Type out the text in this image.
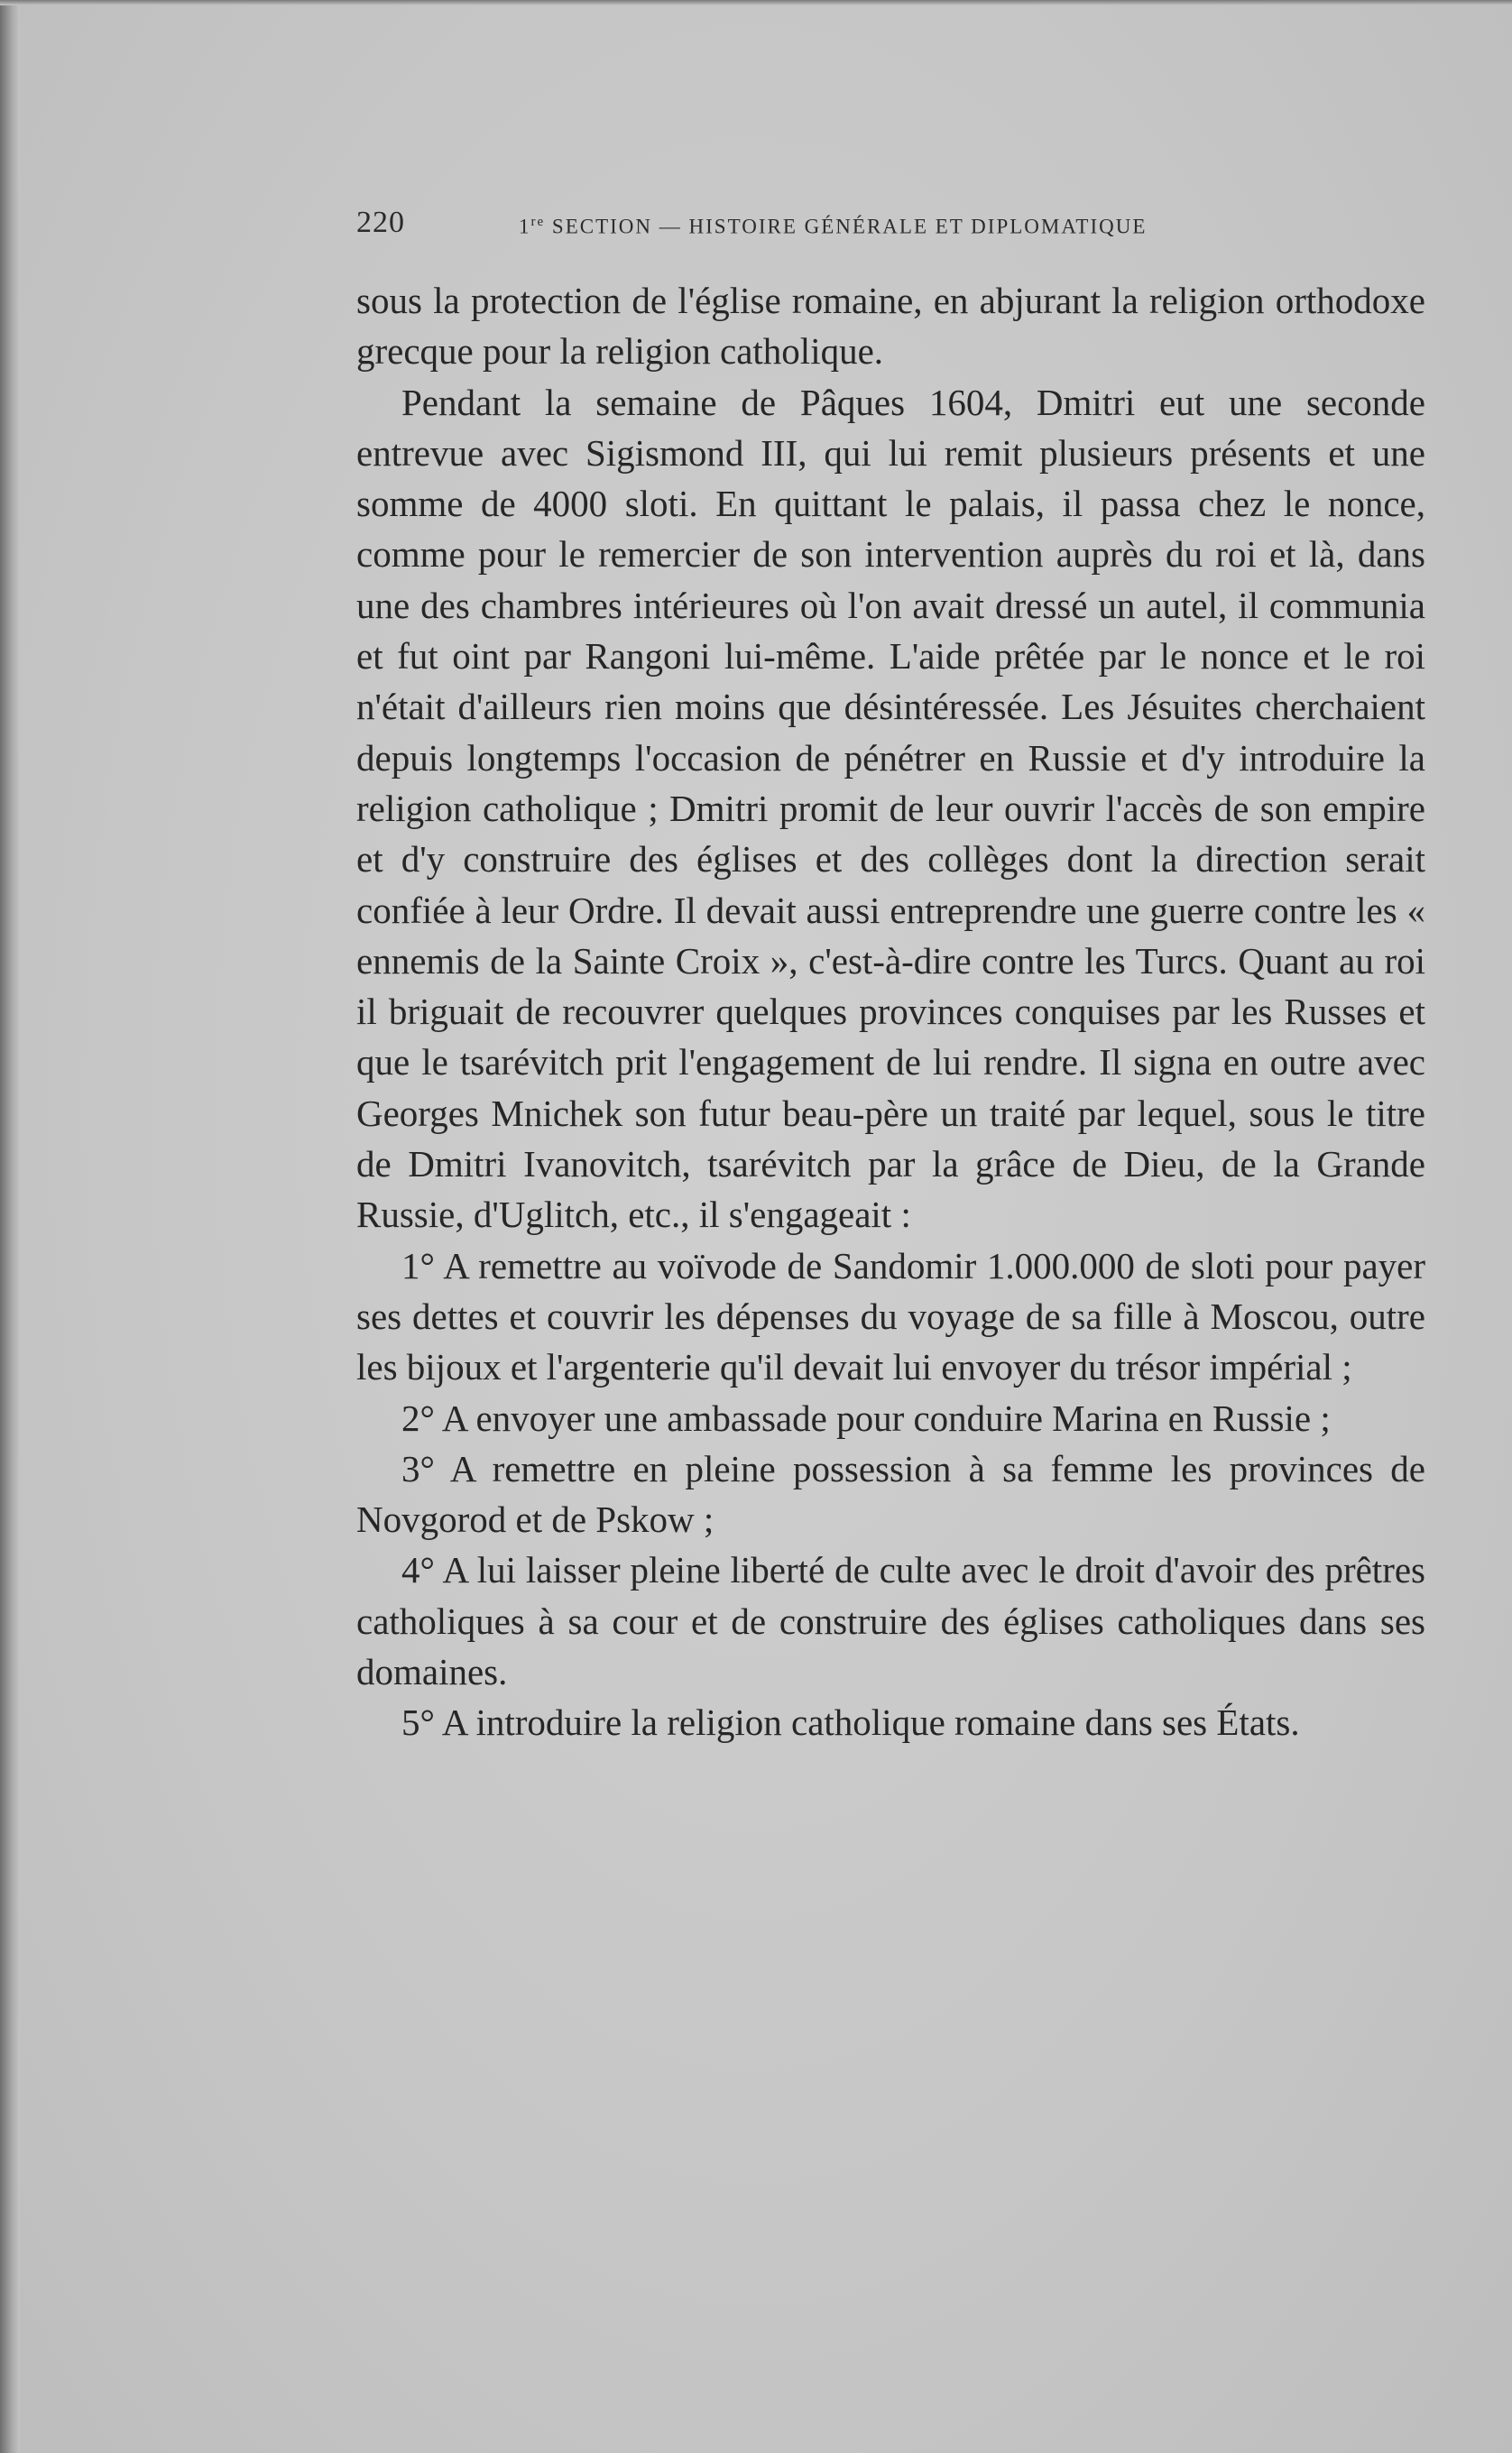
220	1re SECTION — HISTOIRE GÉNÉRALE ET DIPLOMATIQUE

sous la protection de l'église romaine, en abjurant la religion orthodoxe grecque pour la religion catholique.

Pendant la semaine de Pâques 1604, Dmitri eut une seconde entrevue avec Sigismond III, qui lui remit plusieurs présents et une somme de 4000 sloti. En quittant le palais, il passa chez le nonce, comme pour le remercier de son intervention auprès du roi et là, dans une des chambres intérieures où l'on avait dressé un autel, il communia et fut oint par Rangoni lui-même. L'aide prêtée par le nonce et le roi n'était d'ailleurs rien moins que désintéressée. Les Jésuites cherchaient depuis longtemps l'occasion de pénétrer en Russie et d'y introduire la religion catholique ; Dmitri promit de leur ouvrir l'accès de son empire et d'y construire des églises et des collèges dont la direction serait confiée à leur Ordre. Il devait aussi entreprendre une guerre contre les « ennemis de la Sainte Croix », c'est-à-dire contre les Turcs. Quant au roi il briguait de recouvrer quelques provinces conquises par les Russes et que le tsarévitch prit l'engagement de lui rendre. Il signa en outre avec Georges Mnichek son futur beau-père un traité par lequel, sous le titre de Dmitri Ivanovitch, tsarévitch par la grâce de Dieu, de la Grande Russie, d'Uglitch, etc., il s'engageait :

1° A remettre au voïvode de Sandomir 1.000.000 de sloti pour payer ses dettes et couvrir les dépenses du voyage de sa fille à Moscou, outre les bijoux et l'argenterie qu'il devait lui envoyer du trésor impérial ;

2° A envoyer une ambassade pour conduire Marina en Russie ;

3° A remettre en pleine possession à sa femme les provinces de Novgorod et de Pskow ;

4° A lui laisser pleine liberté de culte avec le droit d'avoir des prêtres catholiques à sa cour et de construire des églises catholiques dans ses domaines.

5° A introduire la religion catholique romaine dans ses États.
